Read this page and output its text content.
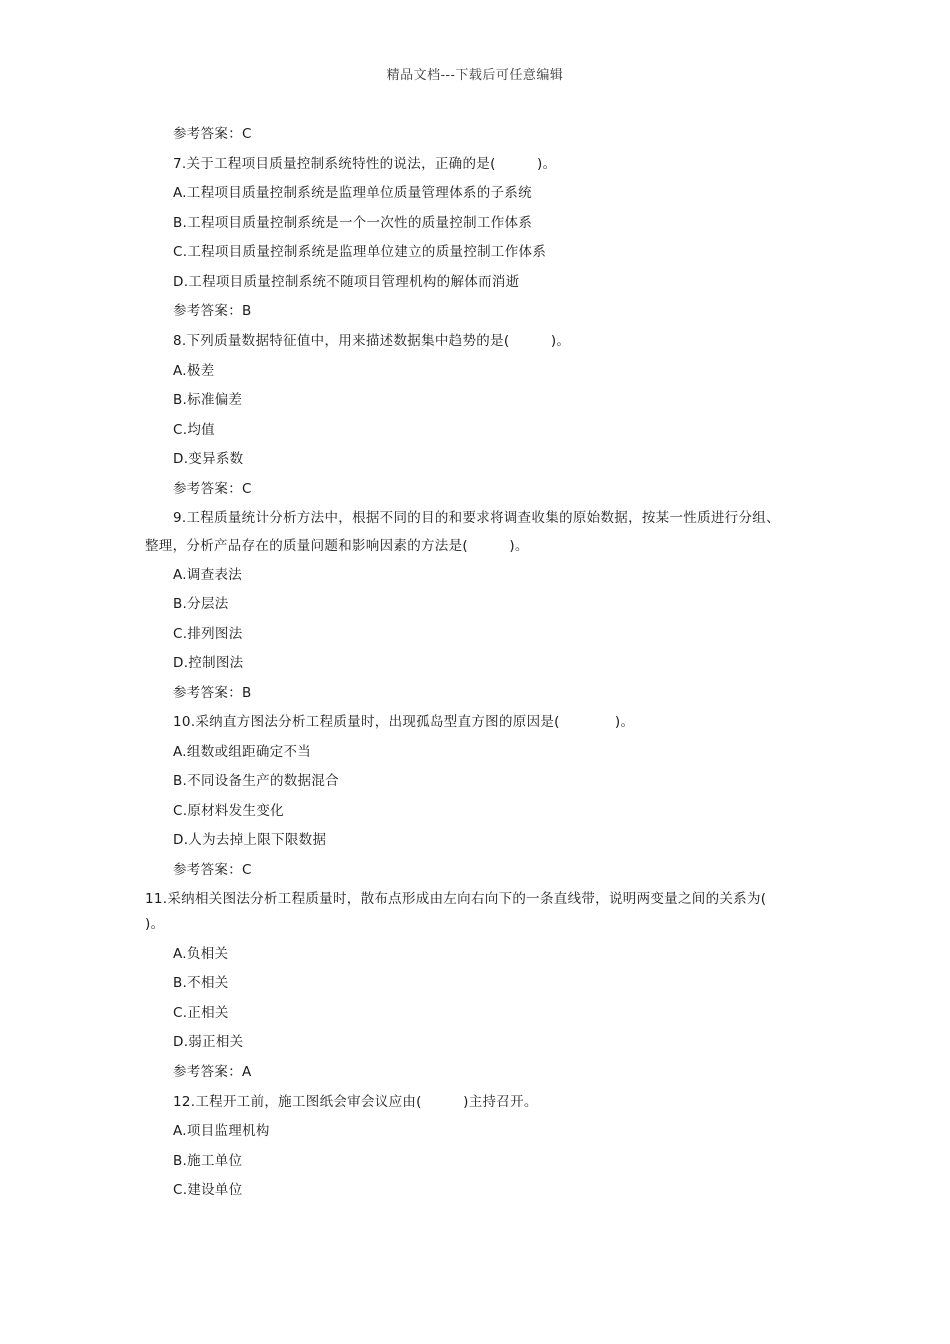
精品文档---下载后可任意编辑
参考答案：C
7.关于工程项目质量控制系统特性的说法，正确的是(　　　)。
A.工程项目质量控制系统是监理单位质量管理体系的子系统
B.工程项目质量控制系统是一个一次性的质量控制工作体系
C.工程项目质量控制系统是监理单位建立的质量控制工作体系
D.工程项目质量控制系统不随项目管理机构的解体而消逝
参考答案：B
8.下列质量数据特征值中，用来描述数据集中趋势的是(　　　)。
A.极差
B.标准偏差
C.均值
D.变异系数
参考答案：C
9.工程质量统计分析方法中，根据不同的目的和要求将调查收集的原始数据，按某一性质进行分组、
整理，分析产品存在的质量问题和影响因素的方法是(　　　)。
A.调查表法
B.分层法
C.排列图法
D.控制图法
参考答案：B
10.采纳直方图法分析工程质量时，出现孤岛型直方图的原因是(　　　　)。
A.组数或组距确定不当
B.不同设备生产的数据混合
C.原材料发生变化
D.人为去掉上限下限数据
参考答案：C
11.采纳相关图法分析工程质量时，散布点形成由左向右向下的一条直线带，说明两变量之间的关系为(
)。
A.负相关
B.不相关
C.正相关
D.弱正相关
参考答案：A
12.工程开工前，施工图纸会审会议应由(　　　)主持召开。
A.项目监理机构
B.施工单位
C.建设单位
